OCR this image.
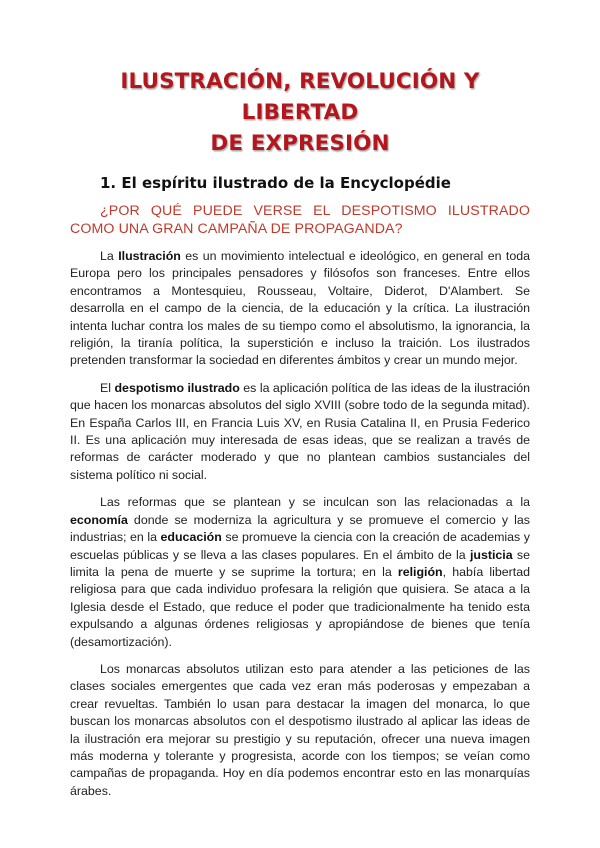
ILUSTRACIÓN, REVOLUCIÓN Y LIBERTAD
DE EXPRESIÓN
1. El espíritu ilustrado de la Encyclopédie

¿POR QUÉ PUEDE VERSE EL DESPOTISMO ILUSTRADO COMO UNA GRAN CAMPAÑA DE PROPAGANDA?

La Ilustración es un movimiento intelectual e ideológico, en general en toda Europa pero los principales pensadores y filósofos son franceses. Entre ellos encontramos a Montesquieu, Rousseau, Voltaire, Diderot, D'Alambert. Se desarrolla en el campo de la ciencia, de la educación y la crítica. La ilustración intenta luchar contra los males de su tiempo como el absolutismo, la ignorancia, la religión, la tiranía política, la superstición e incluso la traición. Los ilustrados pretenden transformar la sociedad en diferentes ámbitos y crear un mundo mejor.

El despotismo ilustrado es la aplicación política de las ideas de la ilustración que hacen los monarcas absolutos del siglo XVIII (sobre todo de la segunda mitad). En España Carlos III, en Francia Luis XV, en Rusia Catalina II, en Prusia Federico II. Es una aplicación muy interesada de esas ideas, que se realizan a través de reformas de carácter moderado y que no plantean cambios sustanciales del sistema político ni social.

Las reformas que se plantean y se inculcan son las relacionadas a la economía donde se moderniza la agricultura y se promueve el comercio y las industrias; en la educación se promueve la ciencia con la creación de academias y escuelas públicas y se lleva a las clases populares. En el ámbito de la justicia se limita la pena de muerte y se suprime la tortura; en la religión, había libertad religiosa para que cada individuo profesara la religión que quisiera. Se ataca a la Iglesia desde el Estado, que reduce el poder que tradicionalmente ha tenido esta expulsando a algunas órdenes religiosas y apropiándose de bienes que tenía (desamortización).

Los monarcas absolutos utilizan esto para atender a las peticiones de las clases sociales emergentes que cada vez eran más poderosas y empezaban a crear revueltas. También lo usan para destacar la imagen del monarca, lo que buscan los monarcas absolutos con el despotismo ilustrado al aplicar las ideas de la ilustración era mejorar su prestigio y su reputación, ofrecer una nueva imagen más moderna y tolerante y progresista, acorde con los tiempos; se veían como campañas de propaganda. Hoy en día podemos encontrar esto en las monarquías árabes.
